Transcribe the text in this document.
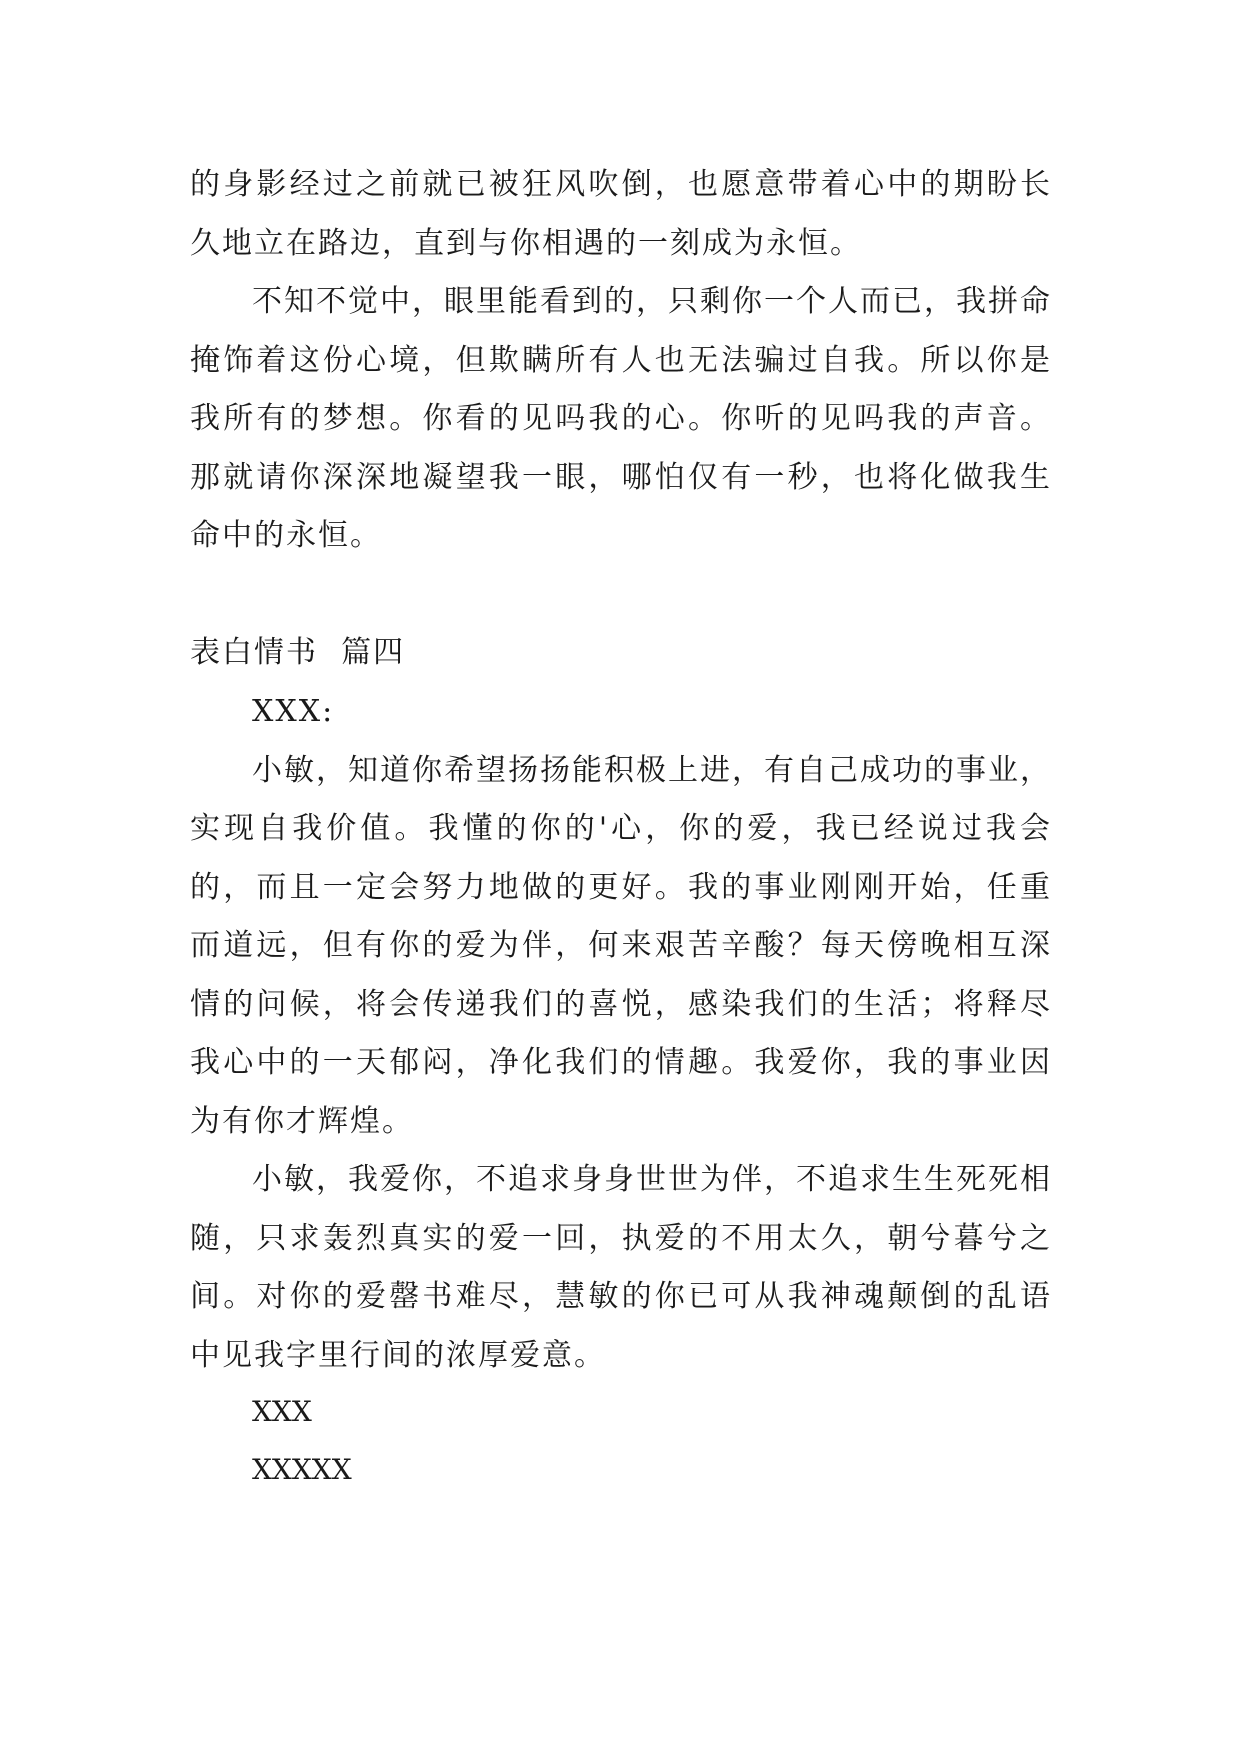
的身影经过之前就已被狂风吹倒，也愿意带着心中的期盼长久地立在路边，直到与你相遇的一刻成为永恒。

不知不觉中，眼里能看到的，只剩你一个人而已，我拼命掩饰着这份心境，但欺瞒所有人也无法骗过自我。所以你是我所有的梦想。你看的见吗我的心。你听的见吗我的声音。那就请你深深地凝望我一眼，哪怕仅有一秒，也将化做我生命中的永恒。

表白情书  篇四

XXX:

小敏，知道你希望扬扬能积极上进，有自己成功的事业，实现自我价值。我懂的你的'心，你的爱，我已经说过我会的，而且一定会努力地做的更好。我的事业刚刚开始，任重而道远，但有你的爱为伴，何来艰苦辛酸？每天傍晚相互深情的问候，将会传递我们的喜悦，感染我们的生活；将释尽我心中的一天郁闷，净化我们的情趣。我爱你，我的事业因为有你才辉煌。

小敏，我爱你，不追求身身世世为伴，不追求生生死死相随，只求轰烈真实的爱一回，执爱的不用太久，朝兮暮兮之间。对你的爱罄书难尽，慧敏的你已可从我神魂颠倒的乱语中见我字里行间的浓厚爱意。

XXX
XXXXX
